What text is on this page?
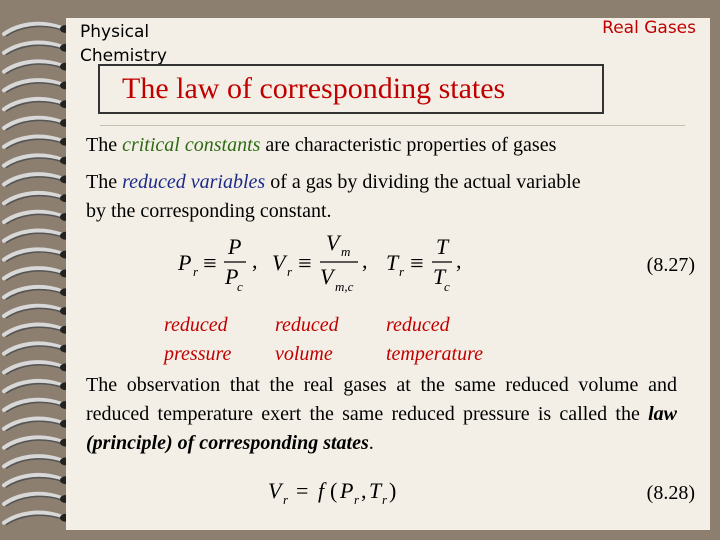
Physical
Chemistry
Real Gases
The law of corresponding states
The critical constants are characteristic properties of gases
The reduced variables of a gas by dividing the actual variable
by the corresponding constant.
P r ≡
P
P
c
, V r ≡
V m
V m,c
, T r ≡
T
T
c
,
V r = f ( P r , T r )
(8.27)
reduced
pressure
reduced
volume
reduced
temperature
The observation that the real gases at the same reduced volume and reduced temperature exert the same reduced pressure is called the law (principle) of corresponding states.
(8.28)
